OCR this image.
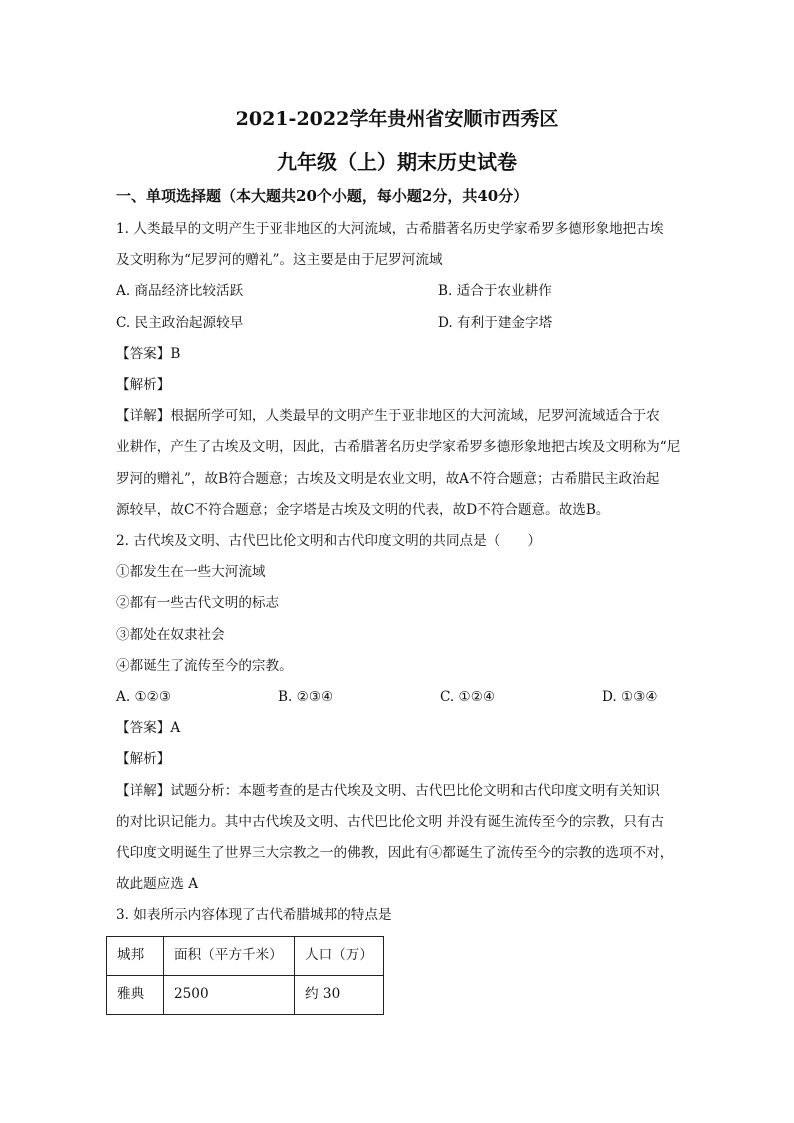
2021-2022学年贵州省安顺市西秀区
九年级（上）期末历史试卷
一、单项选择题（本大题共20个小题，每小题2分，共40分）

1. 人类最早的文明产生于亚非地区的大河流域，古希腊著名历史学家希罗多德形象地把古埃

及文明称为“尼罗河的赠礼”。这主要是由于尼罗河流域

A. 商品经济比较活跃	B. 适合于农业耕作
C. 民主政治起源较早	D. 有利于建金字塔

【答案】B

【解析】

【详解】根据所学可知，人类最早的文明产生于亚非地区的大河流域，尼罗河流域适合于农

业耕作，产生了古埃及文明，因此，古希腊著名历史学家希罗多德形象地把古埃及文明称为“尼

罗河的赠礼”，故B符合题意；古埃及文明是农业文明，故A不符合题意；古希腊民主政治起

源较早，故C不符合题意；金字塔是古埃及文明的代表，故D不符合题意。故选B。

2. 古代埃及文明、古代巴比伦文明和古代印度文明的共同点是（　　）

①都发生在一些大河流域

②都有一些古代文明的标志

③都处在奴隶社会

④都诞生了流传至今的宗教。

A. ①②③	B. ②③④	C. ①②④	D. ①③④

【答案】A

【解析】

【详解】试题分析：本题考查的是古代埃及文明、古代巴比伦文明和古代印度文明有关知识

的对比识记能力。其中古代埃及文明、古代巴比伦文明 并没有诞生流传至今的宗教，只有古

代印度文明诞生了世界三大宗教之一的佛教，因此有④都诞生了流传至今的宗教的选项不对，

故此题应选 A

3. 如表所示内容体现了古代希腊城邦的特点是

城邦	面积（平方千米）	人口（万）
雅典	2500	约 30
